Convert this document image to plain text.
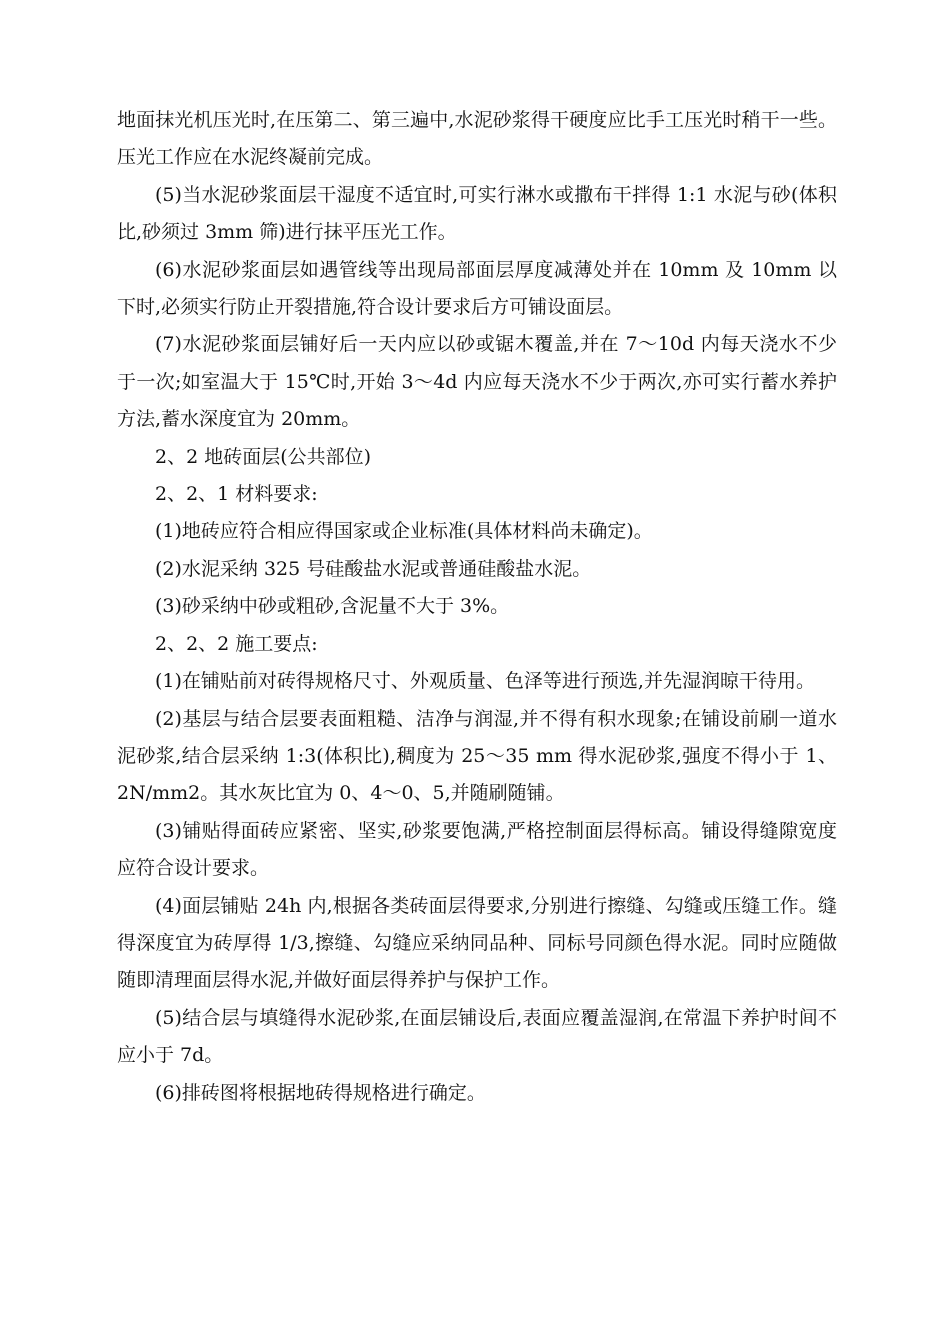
地面抹光机压光时,在压第二、第三遍中,水泥砂浆得干硬度应比手工压光时稍干一些。压光工作应在水泥终凝前完成。

(5)当水泥砂浆面层干湿度不适宜时,可实行淋水或撒布干拌得 1:1 水泥与砂(体积比,砂须过 3mm 筛)进行抹平压光工作。

(6)水泥砂浆面层如遇管线等出现局部面层厚度减薄处并在 10mm 及 10mm 以下时,必须实行防止开裂措施,符合设计要求后方可铺设面层。

(7)水泥砂浆面层铺好后一天内应以砂或锯木覆盖,并在 7～10d 内每天浇水不少于一次;如室温大于 15℃时,开始 3～4d 内应每天浇水不少于两次,亦可实行蓄水养护方法,蓄水深度宜为 20mm。

2、2 地砖面层(公共部位)

2、2、1 材料要求:

(1)地砖应符合相应得国家或企业标准(具体材料尚未确定)。

(2)水泥采纳 325 号硅酸盐水泥或普通硅酸盐水泥。

(3)砂采纳中砂或粗砂,含泥量不大于 3%。

2、2、2 施工要点:

(1)在铺贴前对砖得规格尺寸、外观质量、色泽等进行预选,并先湿润晾干待用。

(2)基层与结合层要表面粗糙、洁净与润湿,并不得有积水现象;在铺设前刷一道水泥砂浆,结合层采纳 1:3(体积比),稠度为 25～35 mm 得水泥砂浆,强度不得小于 1、2N/mm2。其水灰比宜为 0、4～0、5,并随刷随铺。

(3)铺贴得面砖应紧密、坚实,砂浆要饱满,严格控制面层得标高。铺设得缝隙宽度应符合设计要求。

(4)面层铺贴 24h 内,根据各类砖面层得要求,分别进行擦缝、勾缝或压缝工作。缝得深度宜为砖厚得 1/3,擦缝、勾缝应采纳同品种、同标号同颜色得水泥。同时应随做随即清理面层得水泥,并做好面层得养护与保护工作。

(5)结合层与填缝得水泥砂浆,在面层铺设后,表面应覆盖湿润,在常温下养护时间不应小于 7d。

(6)排砖图将根据地砖得规格进行确定。
